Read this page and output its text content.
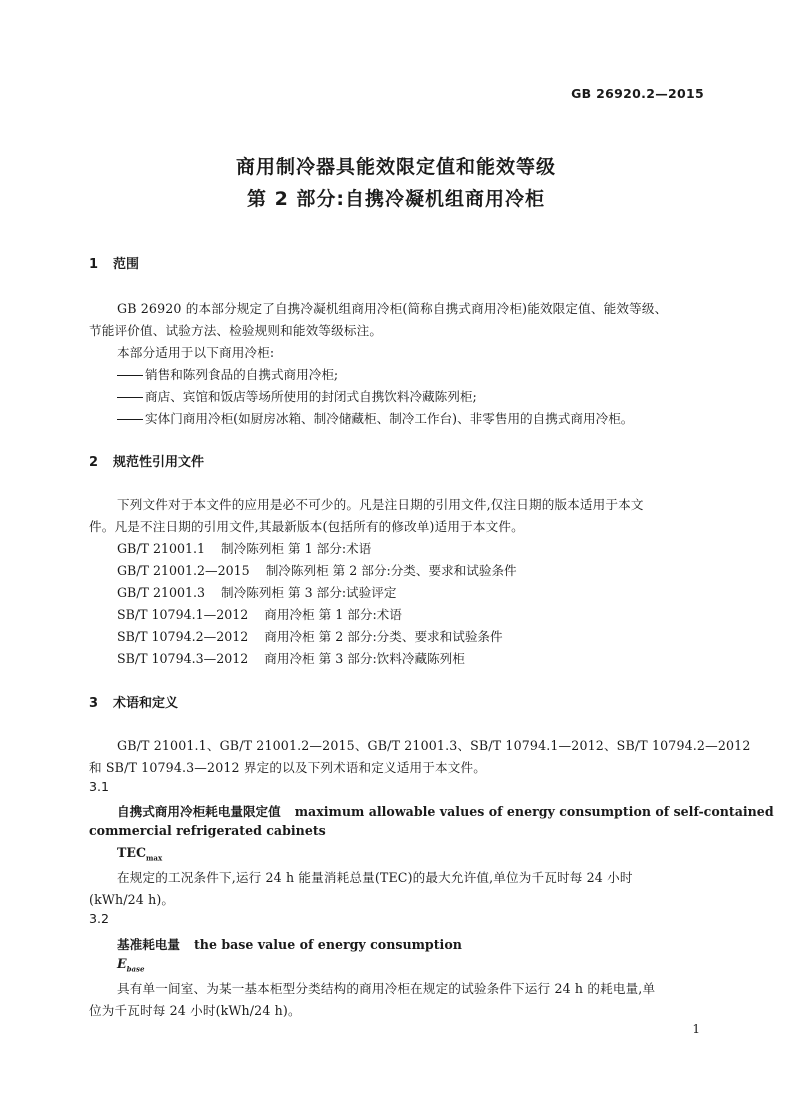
GB 26920.2—2015
商用制冷器具能效限定值和能效等级
第 2 部分:自携冷凝机组商用冷柜
1 范围
GB 26920 的本部分规定了自携冷凝机组商用冷柜(简称自携式商用冷柜)能效限定值、能效等级、
节能评价值、试验方法、检验规则和能效等级标注。
本部分适用于以下商用冷柜:
销售和陈列食品的自携式商用冷柜;
商店、宾馆和饭店等场所使用的封闭式自携饮料冷藏陈列柜;
实体门商用冷柜(如厨房冰箱、制冷储藏柜、制冷工作台)、非零售用的自携式商用冷柜。
2 规范性引用文件
下列文件对于本文件的应用是必不可少的。凡是注日期的引用文件,仅注日期的版本适用于本文
件。凡是不注日期的引用文件,其最新版本(包括所有的修改单)适用于本文件。
GB/T 21001.1 制冷陈列柜 第 1 部分:术语
GB/T 21001.2—2015 制冷陈列柜 第 2 部分:分类、要求和试验条件
GB/T 21001.3 制冷陈列柜 第 3 部分:试验评定
SB/T 10794.1—2012 商用冷柜 第 1 部分:术语
SB/T 10794.2—2012 商用冷柜 第 2 部分:分类、要求和试验条件
SB/T 10794.3—2012 商用冷柜 第 3 部分:饮料冷藏陈列柜
3 术语和定义
GB/T 21001.1、GB/T 21001.2—2015、GB/T 21001.3、SB/T 10794.1—2012、SB/T 10794.2—2012
和 SB/T 10794.3—2012 界定的以及下列术语和定义适用于本文件。
3.1
自携式商用冷柜耗电量限定值 maximum allowable values of energy consumption of self-contained
commercial refrigerated cabinets
$TEC_{max}$
在规定的工况条件下,运行 24 h 能量消耗总量(TEC)的最大允许值,单位为千瓦时每 24 小时
(kWh/24 h)。
3.2
基准耗电量 the base value of energy consumption
$E_{base}$
具有单一间室、为某一基本柜型分类结构的商用冷柜在规定的试验条件下运行 24 h 的耗电量,单
位为千瓦时每 24 小时(kWh/24 h)。
1
